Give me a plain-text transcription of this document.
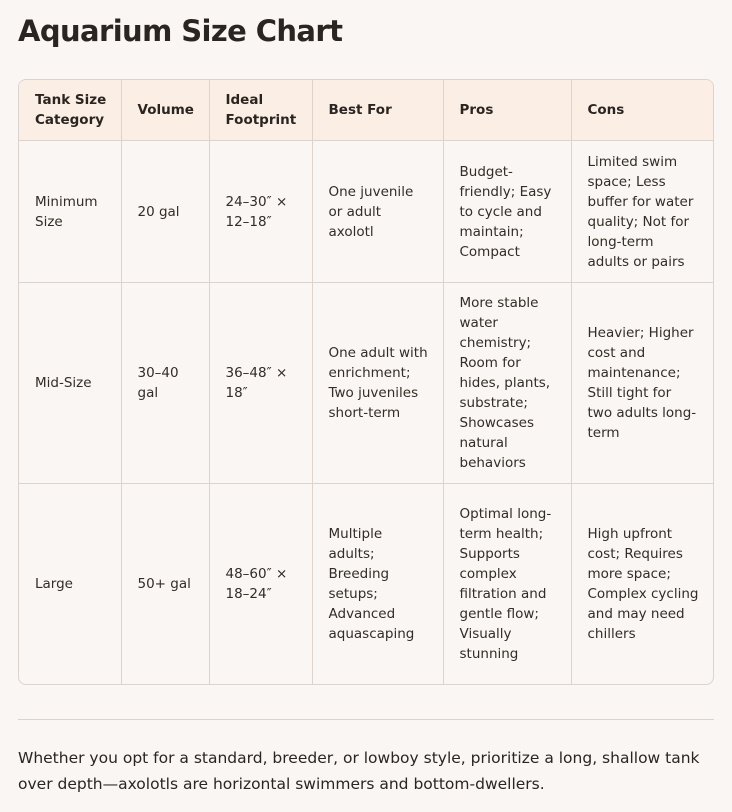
Aquarium Size Chart
Tank Size Category	Volume	Ideal Footprint	Best For	Pros	Cons
Minimum Size	20 gal	24–30″ × 12–18″	One juvenile or adult axolotl	Budget-friendly; Easy to cycle and maintain; Compact	Limited swim space; Less buffer for water quality; Not for long-term adults or pairs
Mid-Size	30–40 gal	36–48″ × 18″	One adult with enrichment; Two juveniles short-term	More stable water chemistry; Room for hides, plants, substrate; Showcases natural behaviors	Heavier; Higher cost and maintenance; Still tight for two adults long-term
Large	50+ gal	48–60″ × 18–24″	Multiple adults; Breeding setups; Advanced aquascaping	Optimal long-term health; Supports complex filtration and gentle flow; Visually stunning	High upfront cost; Requires more space; Complex cycling and may need chillers

Whether you opt for a standard, breeder, or lowboy style, prioritize a long, shallow tank over depth—axolotls are horizontal swimmers and bottom-dwellers.
